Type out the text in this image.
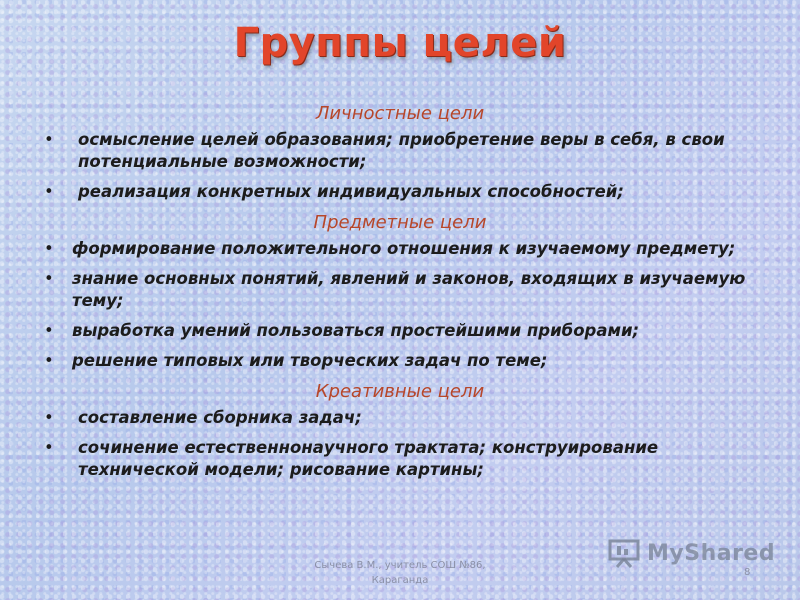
Группы целей
Личностные цели
• осмысление целей образования; приобретение веры в себя, в свои потенциальные возможности;
• реализация конкретных индивидуальных способностей;
Предметные цели
• формирование положительного отношения к изучаемому предмету;
• знание основных понятий, явлений и законов, входящих в изучаемую тему;
• выработка умений пользоваться простейшими приборами;
• решение типовых или творческих задач по теме;
Креативные цели
• составление сборника задач;
• сочинение естественнонаучного трактата; конструирование технической модели; рисование картины;
MyShared
Сычева В.М., учитель СОШ №86, Караганда
8
